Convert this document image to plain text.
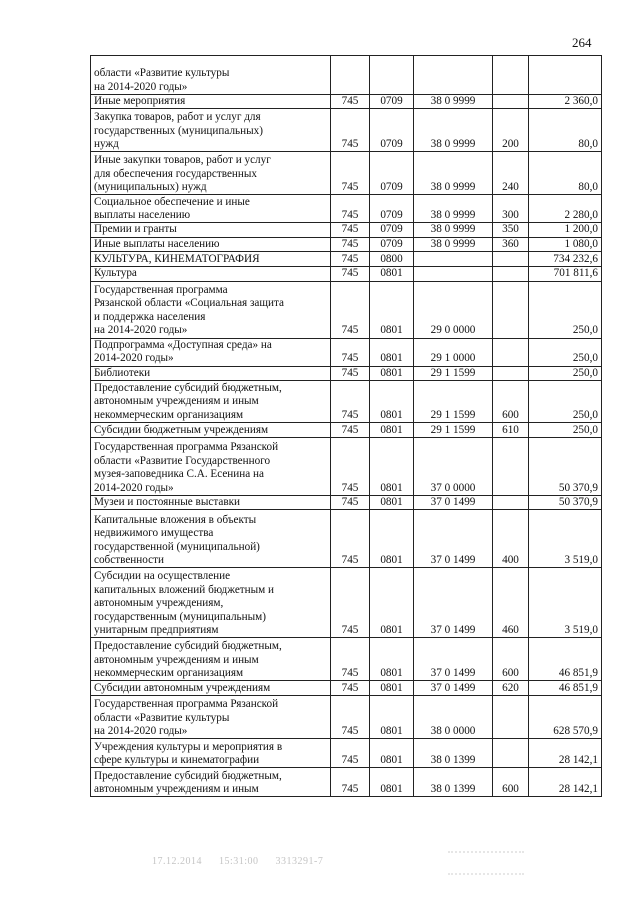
264
области «Развитие культуры
на 2014-2020 годы»					
Иные мероприятия	745	0709	38 0 9999		2 360,0
Закупка товаров, работ и услуг для
государственных (муниципальных)
нужд	745	0709	38 0 9999	200	80,0
Иные закупки товаров, работ и услуг
для обеспечения государственных
(муниципальных) нужд	745	0709	38 0 9999	240	80,0
Социальное обеспечение и иные
выплаты населению	745	0709	38 0 9999	300	2 280,0
Премии и гранты	745	0709	38 0 9999	350	1 200,0
Иные выплаты населению	745	0709	38 0 9999	360	1 080,0
КУЛЬТУРА, КИНЕМАТОГРАФИЯ	745	0800			734 232,6
Культура	745	0801			701 811,6
Государственная программа
Рязанской области «Социальная защита
и поддержка населения
на 2014-2020 годы»	745	0801	29 0 0000		250,0
Подпрограмма «Доступная среда» на
2014-2020 годы»	745	0801	29 1 0000		250,0
Библиотеки	745	0801	29 1 1599		250,0
Предоставление субсидий бюджетным,
автономным учреждениям и иным
некоммерческим организациям	745	0801	29 1 1599	600	250,0
Субсидии бюджетным учреждениям	745	0801	29 1 1599	610	250,0
Государственная программа Рязанской
области «Развитие Государственного
музея-заповедника С.А. Есенина на
2014-2020 годы»	745	0801	37 0 0000		50 370,9
Музеи и постоянные выставки	745	0801	37 0 1499		50 370,9
Капитальные вложения в объекты
недвижимого имущества
государственной (муниципальной)
собственности	745	0801	37 0 1499	400	3 519,0
Субсидии на осуществление
капитальных вложений бюджетным и
автономным учреждениям,
государственным (муниципальным)
унитарным предприятиям	745	0801	37 0 1499	460	3 519,0
Предоставление субсидий бюджетным,
автономным учреждениям и иным
некоммерческим организациям	745	0801	37 0 1499	600	46 851,9
Субсидии автономным учреждениям	745	0801	37 0 1499	620	46 851,9
Государственная программа Рязанской
области «Развитие культуры
на 2014-2020 годы»	745	0801	38 0 0000		628 570,9
Учреждения культуры и мероприятия в
сфере культуры и кинематографии	745	0801	38 0 1399		28 142,1
Предоставление субсидий бюджетным,
автономным учреждениям и иным	745	0801	38 0 1399	600	28 142,1
17.12.2014 15:31:00 3313291-7
